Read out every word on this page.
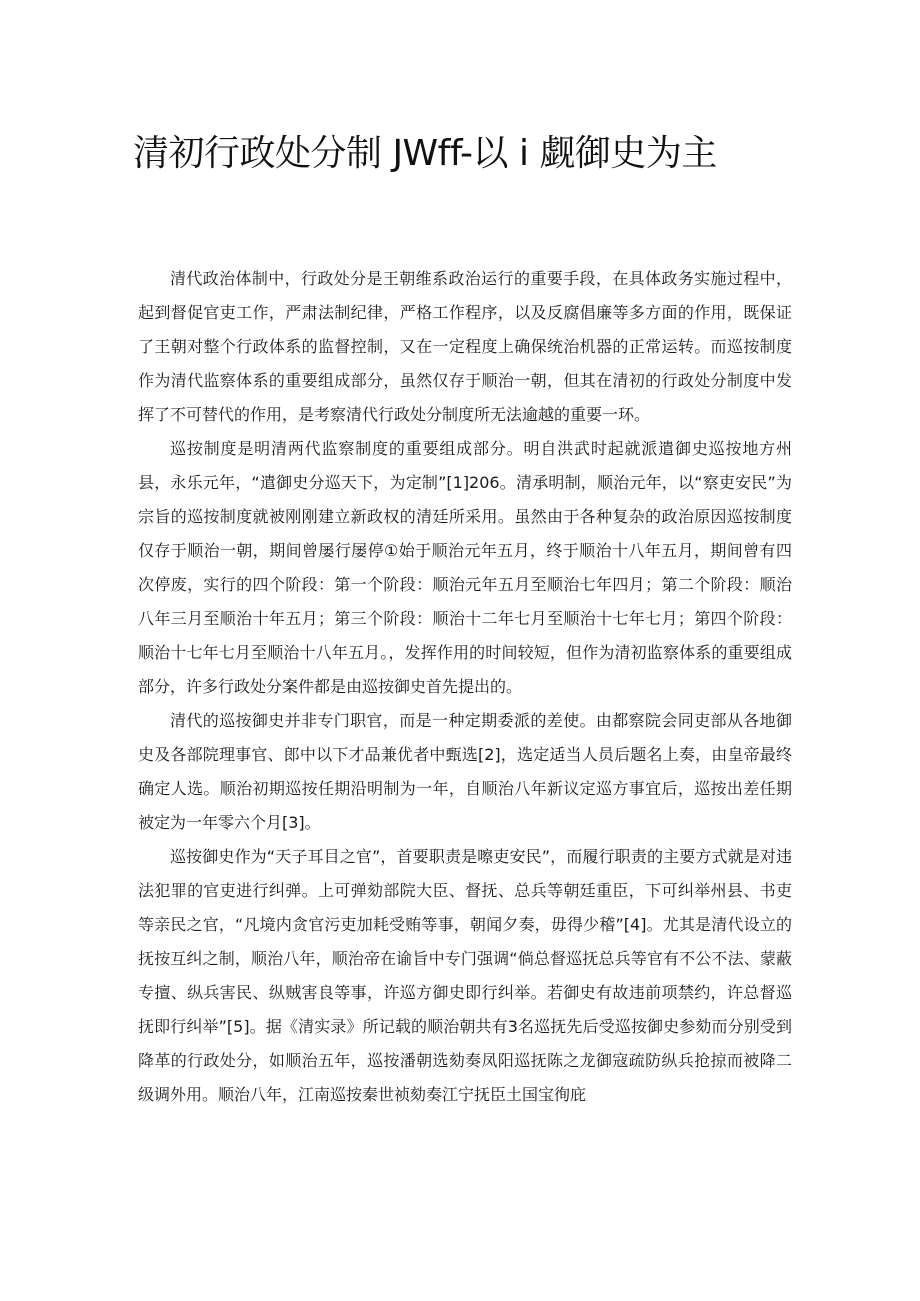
清初行政处分制 JWff-以 i 觑御史为主

清代政治体制中，行政处分是王朝维系政治运行的重要手段，在具体政务实施过程中，起到督促官吏工作，严肃法制纪律，严格工作程序，以及反腐倡廉等多方面的作用，既保证了王朝对整个行政体系的监督控制，又在一定程度上确保统治机器的正常运转。而巡按制度作为清代监察体系的重要组成部分，虽然仅存于顺治一朝，但其在清初的行政处分制度中发挥了不可替代的作用，是考察清代行政处分制度所无法逾越的重要一环。

巡按制度是明清两代监察制度的重要组成部分。明自洪武时起就派遣御史巡按地方州县，永乐元年，“遣御史分巡天下，为定制”[1]206。清承明制，顺治元年，以“察吏安民”为宗旨的巡按制度就被刚刚建立新政权的清廷所采用。虽然由于各种复杂的政治原因巡按制度仅存于顺治一朝，期间曾屡行屡停①始于顺治元年五月，终于顺治十八年五月，期间曾有四次停废，实行的四个阶段：第一个阶段：顺治元年五月至顺治七年四月；第二个阶段：顺治八年三月至顺治十年五月；第三个阶段：顺治十二年七月至顺治十七年七月；第四个阶段：顺治十七年七月至顺治十八年五月。，发挥作用的时间较短，但作为清初监察体系的重要组成部分，许多行政处分案件都是由巡按御史首先提出的。

清代的巡按御史并非专门职官，而是一种定期委派的差使。由都察院会同吏部从各地御史及各部院理事官、郎中以下才品兼优者中甄选[2]，选定适当人员后题名上奏，由皇帝最终确定人选。顺治初期巡按任期沿明制为一年，自顺治八年新议定巡方事宜后，巡按出差任期被定为一年零六个月[3]。

巡按御史作为“天子耳目之官”，首要职责是嚓吏安民”，而履行职责的主要方式就是对违法犯罪的官吏进行纠弹。上可弹劾部院大臣、督抚、总兵等朝廷重臣，下可纠举州县、书吏等亲民之官，“凡境内贪官污吏加耗受贿等事，朝闻夕奏，毋得少稽”[4]。尤其是清代设立的抚按互纠之制，顺治八年，顺治帝在谕旨中专门强调“倘总督巡抚总兵等官有不公不法、蒙蔽专擅、纵兵害民、纵贼害良等事，许巡方御史即行纠举。若御史有故违前项禁约，许总督巡抚即行纠举”[5]。据《清实录》所记载的顺治朝共有3名巡抚先后受巡按御史参劾而分别受到降革的行政处分，如顺治五年，巡按潘朝选劾奏凤阳巡抚陈之龙御寇疏防纵兵抢掠而被降二级调外用。顺治八年，江南巡按秦世祯劾奏江宁抚臣土国宝徇庇
